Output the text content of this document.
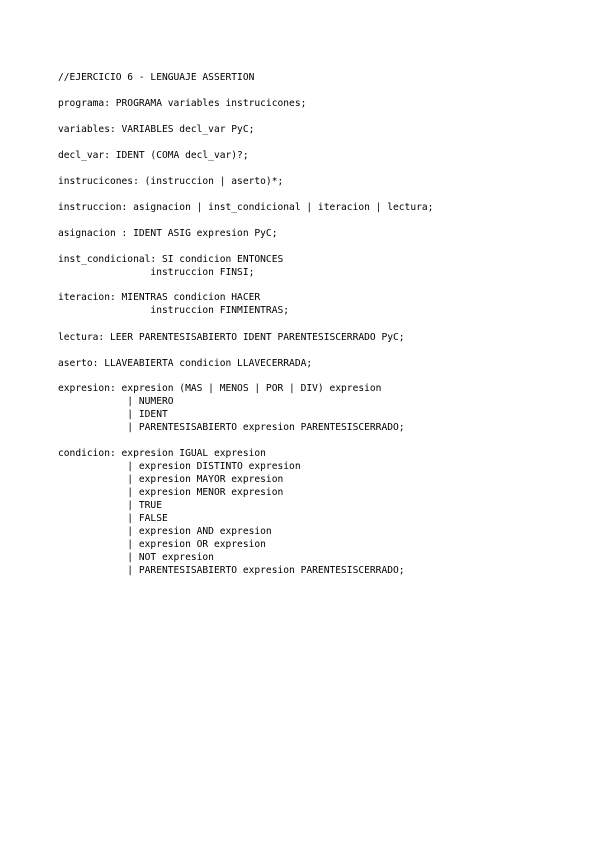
//EJERCICIO 6 - LENGUAJE ASSERTION

programa: PROGRAMA variables instrucicones;

variables: VARIABLES decl_var PyC;

decl_var: IDENT (COMA decl_var)?;

instrucicones: (instruccion | aserto)*;

instruccion: asignacion | inst_condicional | iteracion | lectura;

asignacion : IDENT ASIG expresion PyC;

inst_condicional: SI condicion ENTONCES

instruccion FINSI;

iteracion: MIENTRAS condicion HACER

instruccion FINMIENTRAS;

lectura: LEER PARENTESISABIERTO IDENT PARENTESISCERRADO PyC;

aserto: LLAVEABIERTA condicion LLAVECERRADA;

expresion: expresion (MAS | MENOS | POR | DIV) expresion

| NUMERO

| IDENT

| PARENTESISABIERTO expresion PARENTESISCERRADO;

condicion: expresion IGUAL expresion

| expresion DISTINTO expresion

| expresion MAYOR expresion

| expresion MENOR expresion

| TRUE

| FALSE

| expresion AND expresion

| expresion OR expresion

| NOT expresion

| PARENTESISABIERTO expresion PARENTESISCERRADO;
